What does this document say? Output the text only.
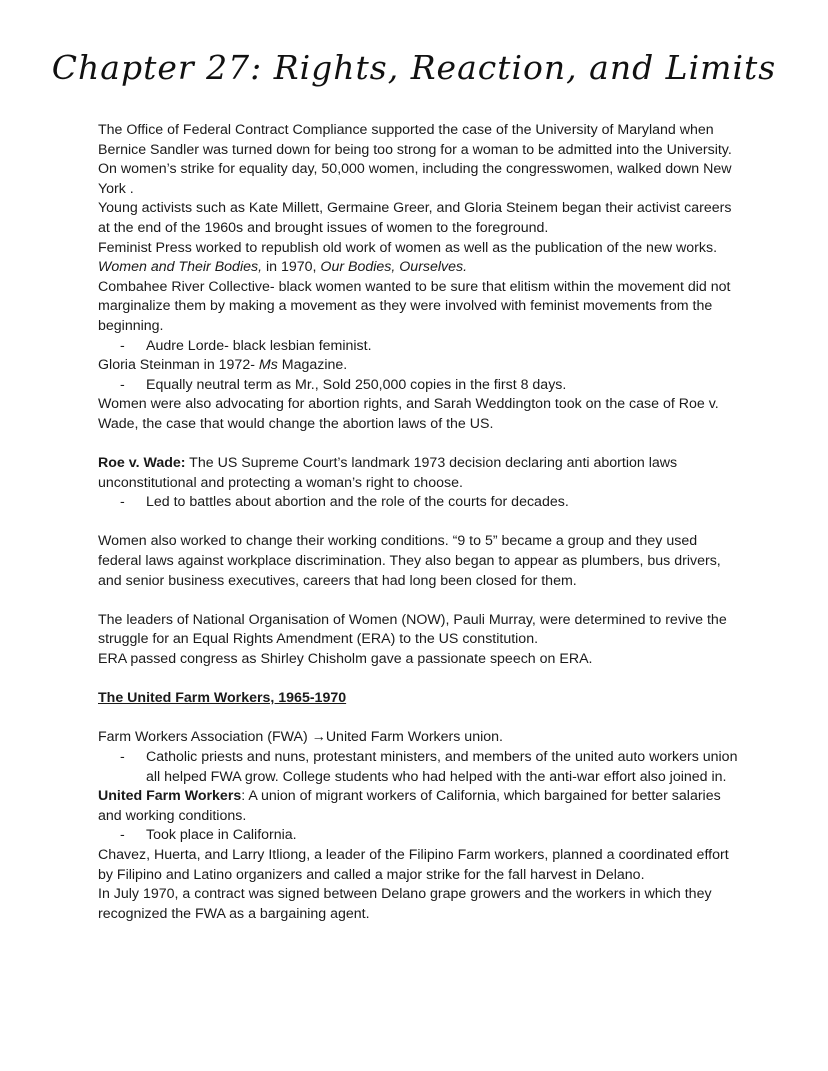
Chapter 27: Rights, Reaction, and Limits

The Office of Federal Contract Compliance supported the case of the University of Maryland when Bernice Sandler was turned down for being too strong for a woman to be admitted into the University. On women’s strike for equality day, 50,000 women, including the congresswomen, walked down New York .

Young activists such as Kate Millett, Germaine Greer, and Gloria Steinem began their activist careers at the end of the 1960s and brought issues of women to the foreground.

Feminist Press worked to republish old work of women as well as the publication of the new works. Women and Their Bodies, in 1970, Our Bodies, Ourselves.

Combahee River Collective- black women wanted to be sure that elitism within the movement did not marginalize them by making a movement as they were involved with feminist movements from the beginning.

- Audre Lorde- black lesbian feminist.

Gloria Steinman in 1972- Ms Magazine.

- Equally neutral term as Mr., Sold 250,000 copies in the first 8 days.

Women were also advocating for abortion rights, and Sarah Weddington took on the case of Roe v. Wade, the case that would change the abortion laws of the US.

Roe v. Wade: The US Supreme Court’s landmark 1973 decision declaring anti abortion laws unconstitutional and protecting a woman’s right to choose.

- Led to battles about abortion and the role of the courts for decades.

Women also worked to change their working conditions. “9 to 5” became a group and they used federal laws against workplace discrimination. They also began to appear as plumbers, bus drivers, and senior business executives, careers that had long been closed for them.

The leaders of National Organisation of Women (NOW), Pauli Murray, were determined to revive the struggle for an Equal Rights Amendment (ERA) to the US constitution.

ERA passed congress as Shirley Chisholm gave a passionate speech on ERA.

The United Farm Workers, 1965-1970

Farm Workers Association (FWA) →United Farm Workers union.

- Catholic priests and nuns, protestant ministers, and members of the united auto workers union all helped FWA grow. College students who had helped with the anti-war effort also joined in.

United Farm Workers: A union of migrant workers of California, which bargained for better salaries and working conditions.

- Took place in California.

Chavez, Huerta, and Larry Itliong, a leader of the Filipino Farm workers, planned a coordinated effort by Filipino and Latino organizers and called a major strike for the fall harvest in Delano.

In July 1970, a contract was signed between Delano grape growers and the workers in which they recognized the FWA as a bargaining agent.
